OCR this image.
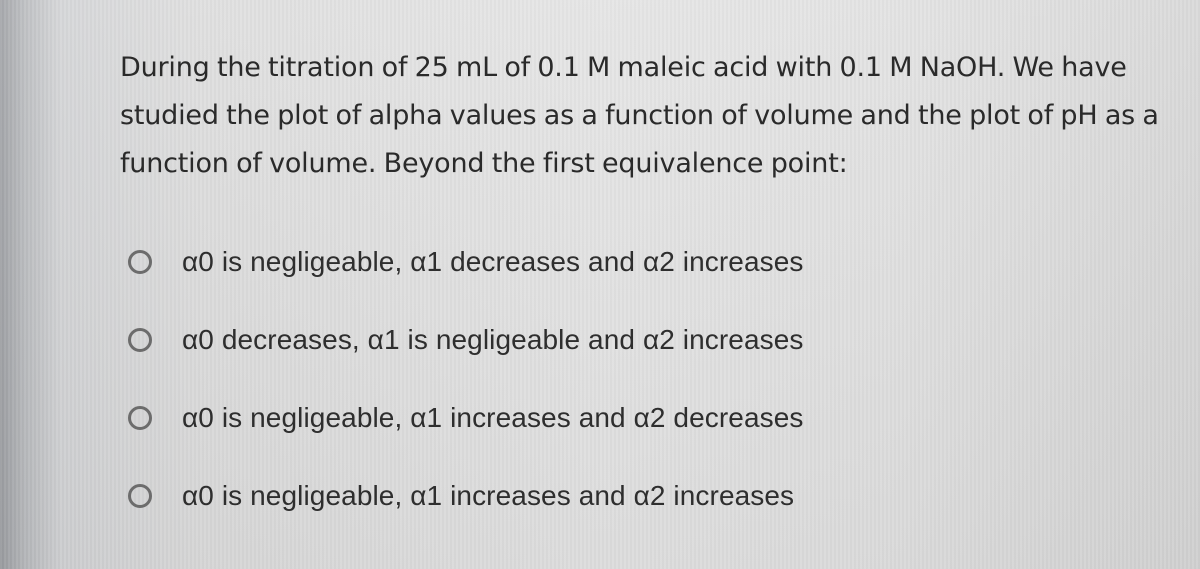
During the titration of 25 mL of 0.1 M maleic acid with 0.1 M NaOH. We have studied the plot of alpha values as a function of volume and the plot of pH as a function of volume. Beyond the first equivalence point:

α0 is negligeable, α1 decreases and α2 increases
α0 decreases, α1 is negligeable and α2 increases
α0 is negligeable, α1 increases and α2 decreases
α0 is negligeable, α1 increases and α2 increases
